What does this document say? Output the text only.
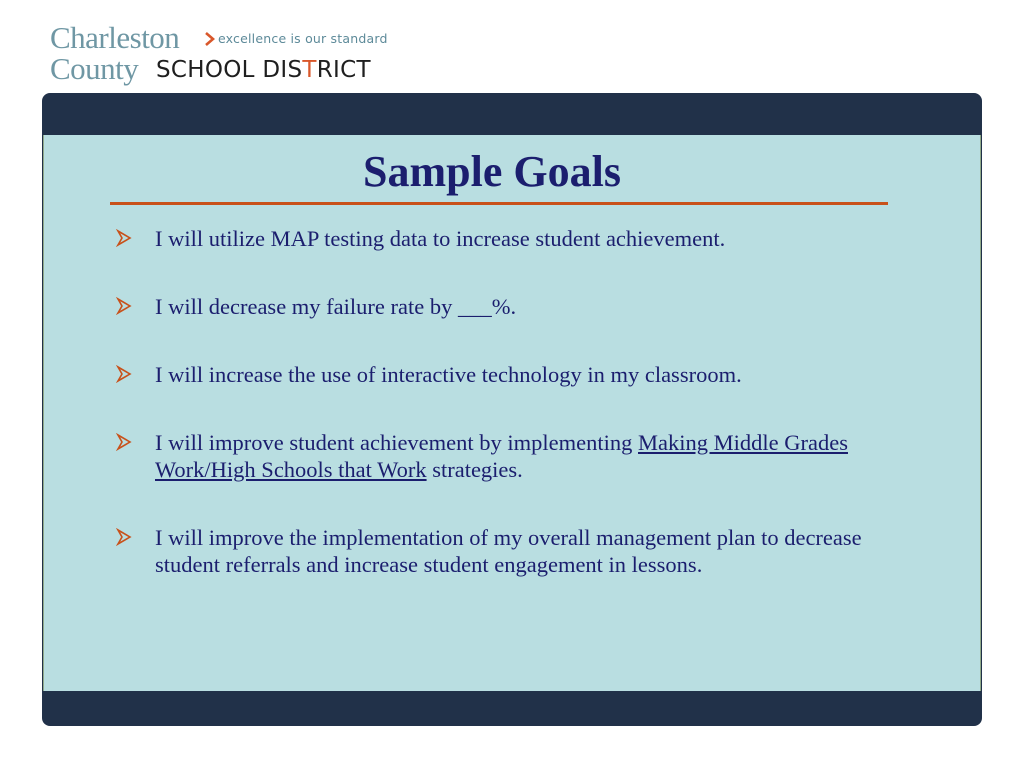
Charleston	excellence is our standard
County SCHOOL DISTRICT
Sample Goals
I will utilize MAP testing data to increase student achievement.
I will decrease my failure rate by ___%.
I will increase the use of interactive technology in my classroom.
I will improve student achievement by implementing Making Middle Grades Work/High Schools that Work strategies.
I will improve the implementation of my overall management plan to decrease student referrals and increase student engagement in lessons.
